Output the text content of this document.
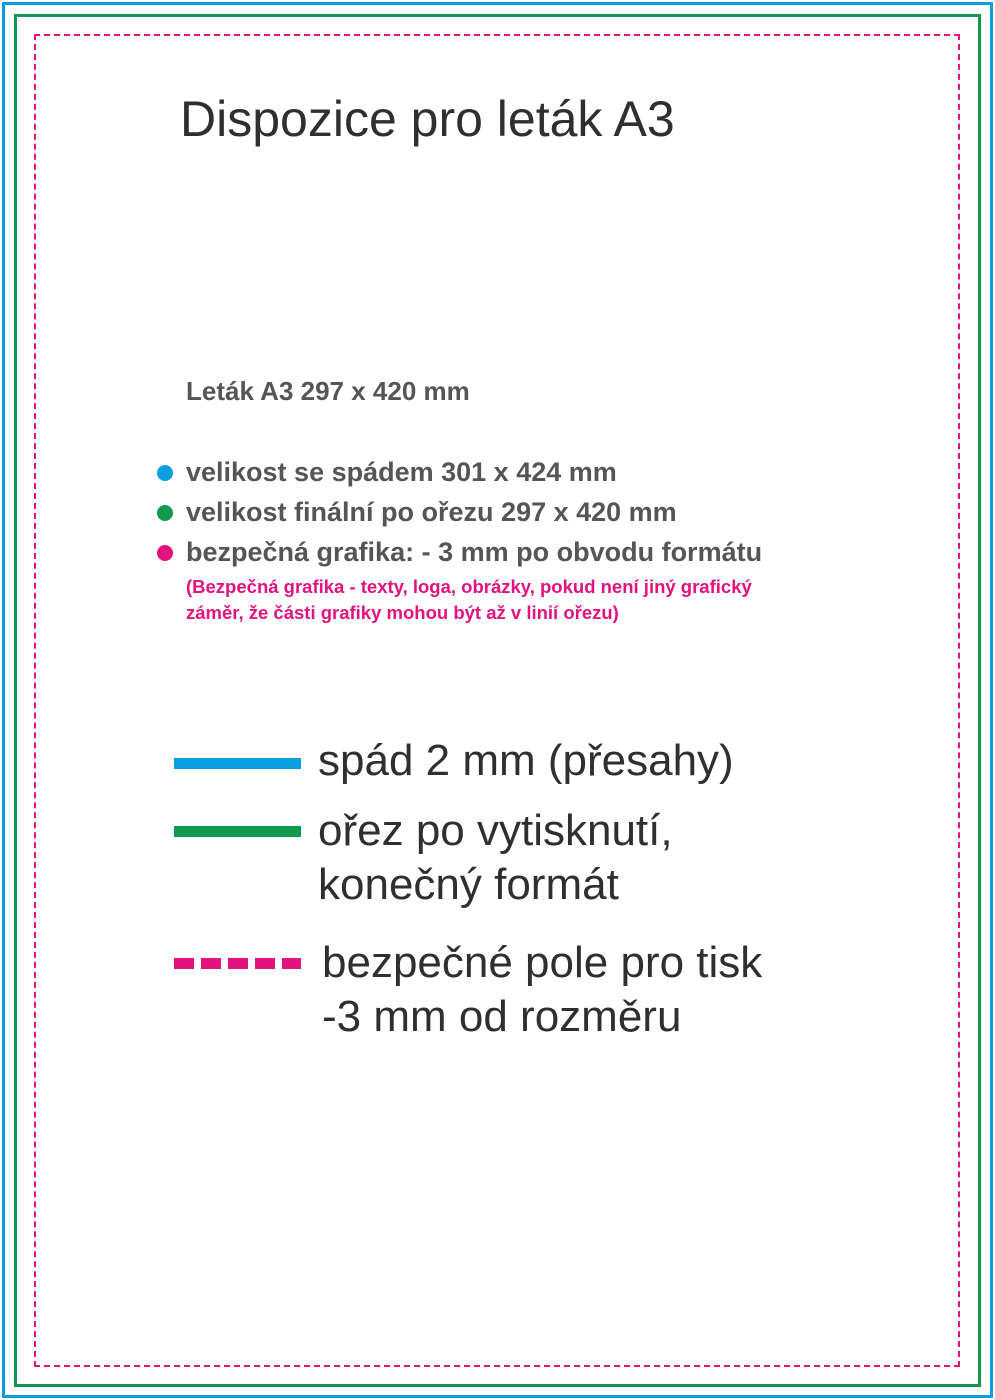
Dispozice pro leták A3
Leták A3 297 x 420 mm
velikost se spádem 301 x 424 mm
velikost finální po ořezu 297 x 420 mm
bezpečná grafika: - 3 mm po obvodu formátu
(Bezpečná grafika - texty, loga, obrázky, pokud není jiný grafický
záměr, že části grafiky mohou být až v linií ořezu)
spád 2 mm (přesahy)
ořez po vytisknutí,
konečný formát
bezpečné pole pro tisk
-3 mm od rozměru
